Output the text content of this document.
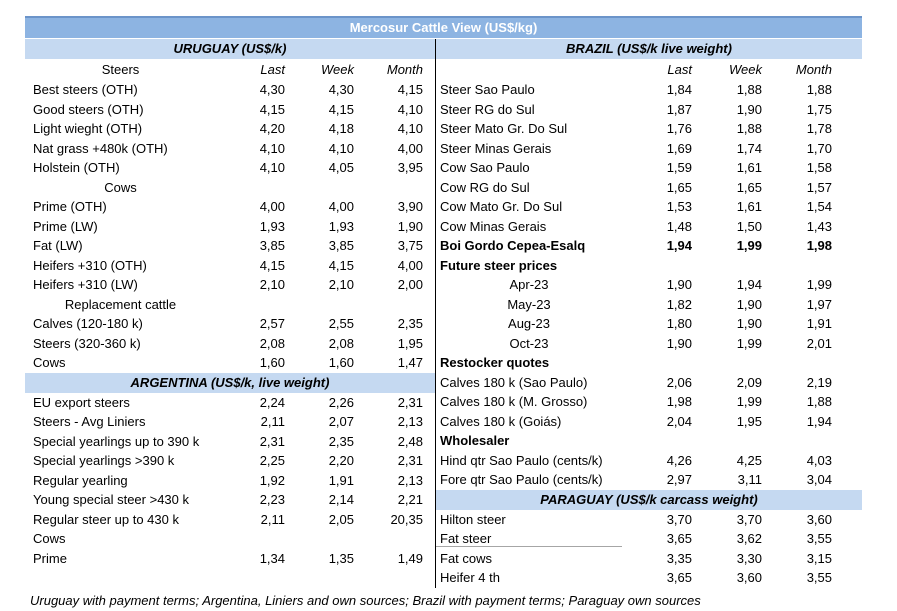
Mercosur Cattle View (US$/kg)
URUGUAY (US$/k)
Steers	Last	Week	Month
Best steers (OTH)	4,30	4,30	4,15
Good steers (OTH)	4,15	4,15	4,10
Light wieght (OTH)	4,20	4,18	4,10
Nat grass +480k (OTH)	4,10	4,10	4,00
Holstein (OTH)	4,10	4,05	3,95
Cows
Prime (OTH)	4,00	4,00	3,90
Prime (LW)	1,93	1,93	1,90
Fat (LW)	3,85	3,85	3,75
Heifers +310 (OTH)	4,15	4,15	4,00
Heifers +310 (LW)	2,10	2,10	2,00
Replacement cattle
Calves (120-180 k)	2,57	2,55	2,35
Steers (320-360 k)	2,08	2,08	1,95
Cows	1,60	1,60	1,47
ARGENTINA (US$/k, live weight)
EU export steers	2,24	2,26	2,31
Steers - Avg Liniers	2,11	2,07	2,13
Special yearlings up to 390 k	2,31	2,35	2,48
Special yearlings >390 k	2,25	2,20	2,31
Regular yearling	1,92	1,91	2,13
Young special steer >430 k	2,23	2,14	2,21
Regular steer up to 430 k	2,11	2,05	20,35
Cows
Prime	1,34	1,35	1,49
BRAZIL (US$/k live weight)
Last	Week	Month
Steer Sao Paulo	1,84	1,88	1,88
Steer RG do Sul	1,87	1,90	1,75
Steer Mato Gr. Do Sul	1,76	1,88	1,78
Steer Minas Gerais	1,69	1,74	1,70
Cow Sao Paulo	1,59	1,61	1,58
Cow RG do Sul	1,65	1,65	1,57
Cow Mato Gr. Do Sul	1,53	1,61	1,54
Cow Minas Gerais	1,48	1,50	1,43
Boi Gordo Cepea-Esalq	1,94	1,99	1,98
Future steer prices
Apr-23	1,90	1,94	1,99
May-23	1,82	1,90	1,97
Aug-23	1,80	1,90	1,91
Oct-23	1,90	1,99	2,01
Restocker quotes
Calves 180 k (Sao Paulo)	2,06	2,09	2,19
Calves 180 k (M. Grosso)	1,98	1,99	1,88
Calves 180 k (Goiás)	2,04	1,95	1,94
Wholesaler
Hind qtr Sao Paulo (cents/k)	4,26	4,25	4,03
Fore qtr Sao Paulo (cents/k)	2,97	3,11	3,04
PARAGUAY (US$/k carcass weight)
Hilton steer	3,70	3,70	3,60
Fat steer	3,65	3,62	3,55
Fat cows	3,35	3,30	3,15
Heifer 4 th	3,65	3,60	3,55
Uruguay with payment terms; Argentina, Liniers and own sources; Brazil with payment terms; Paraguay own sources
